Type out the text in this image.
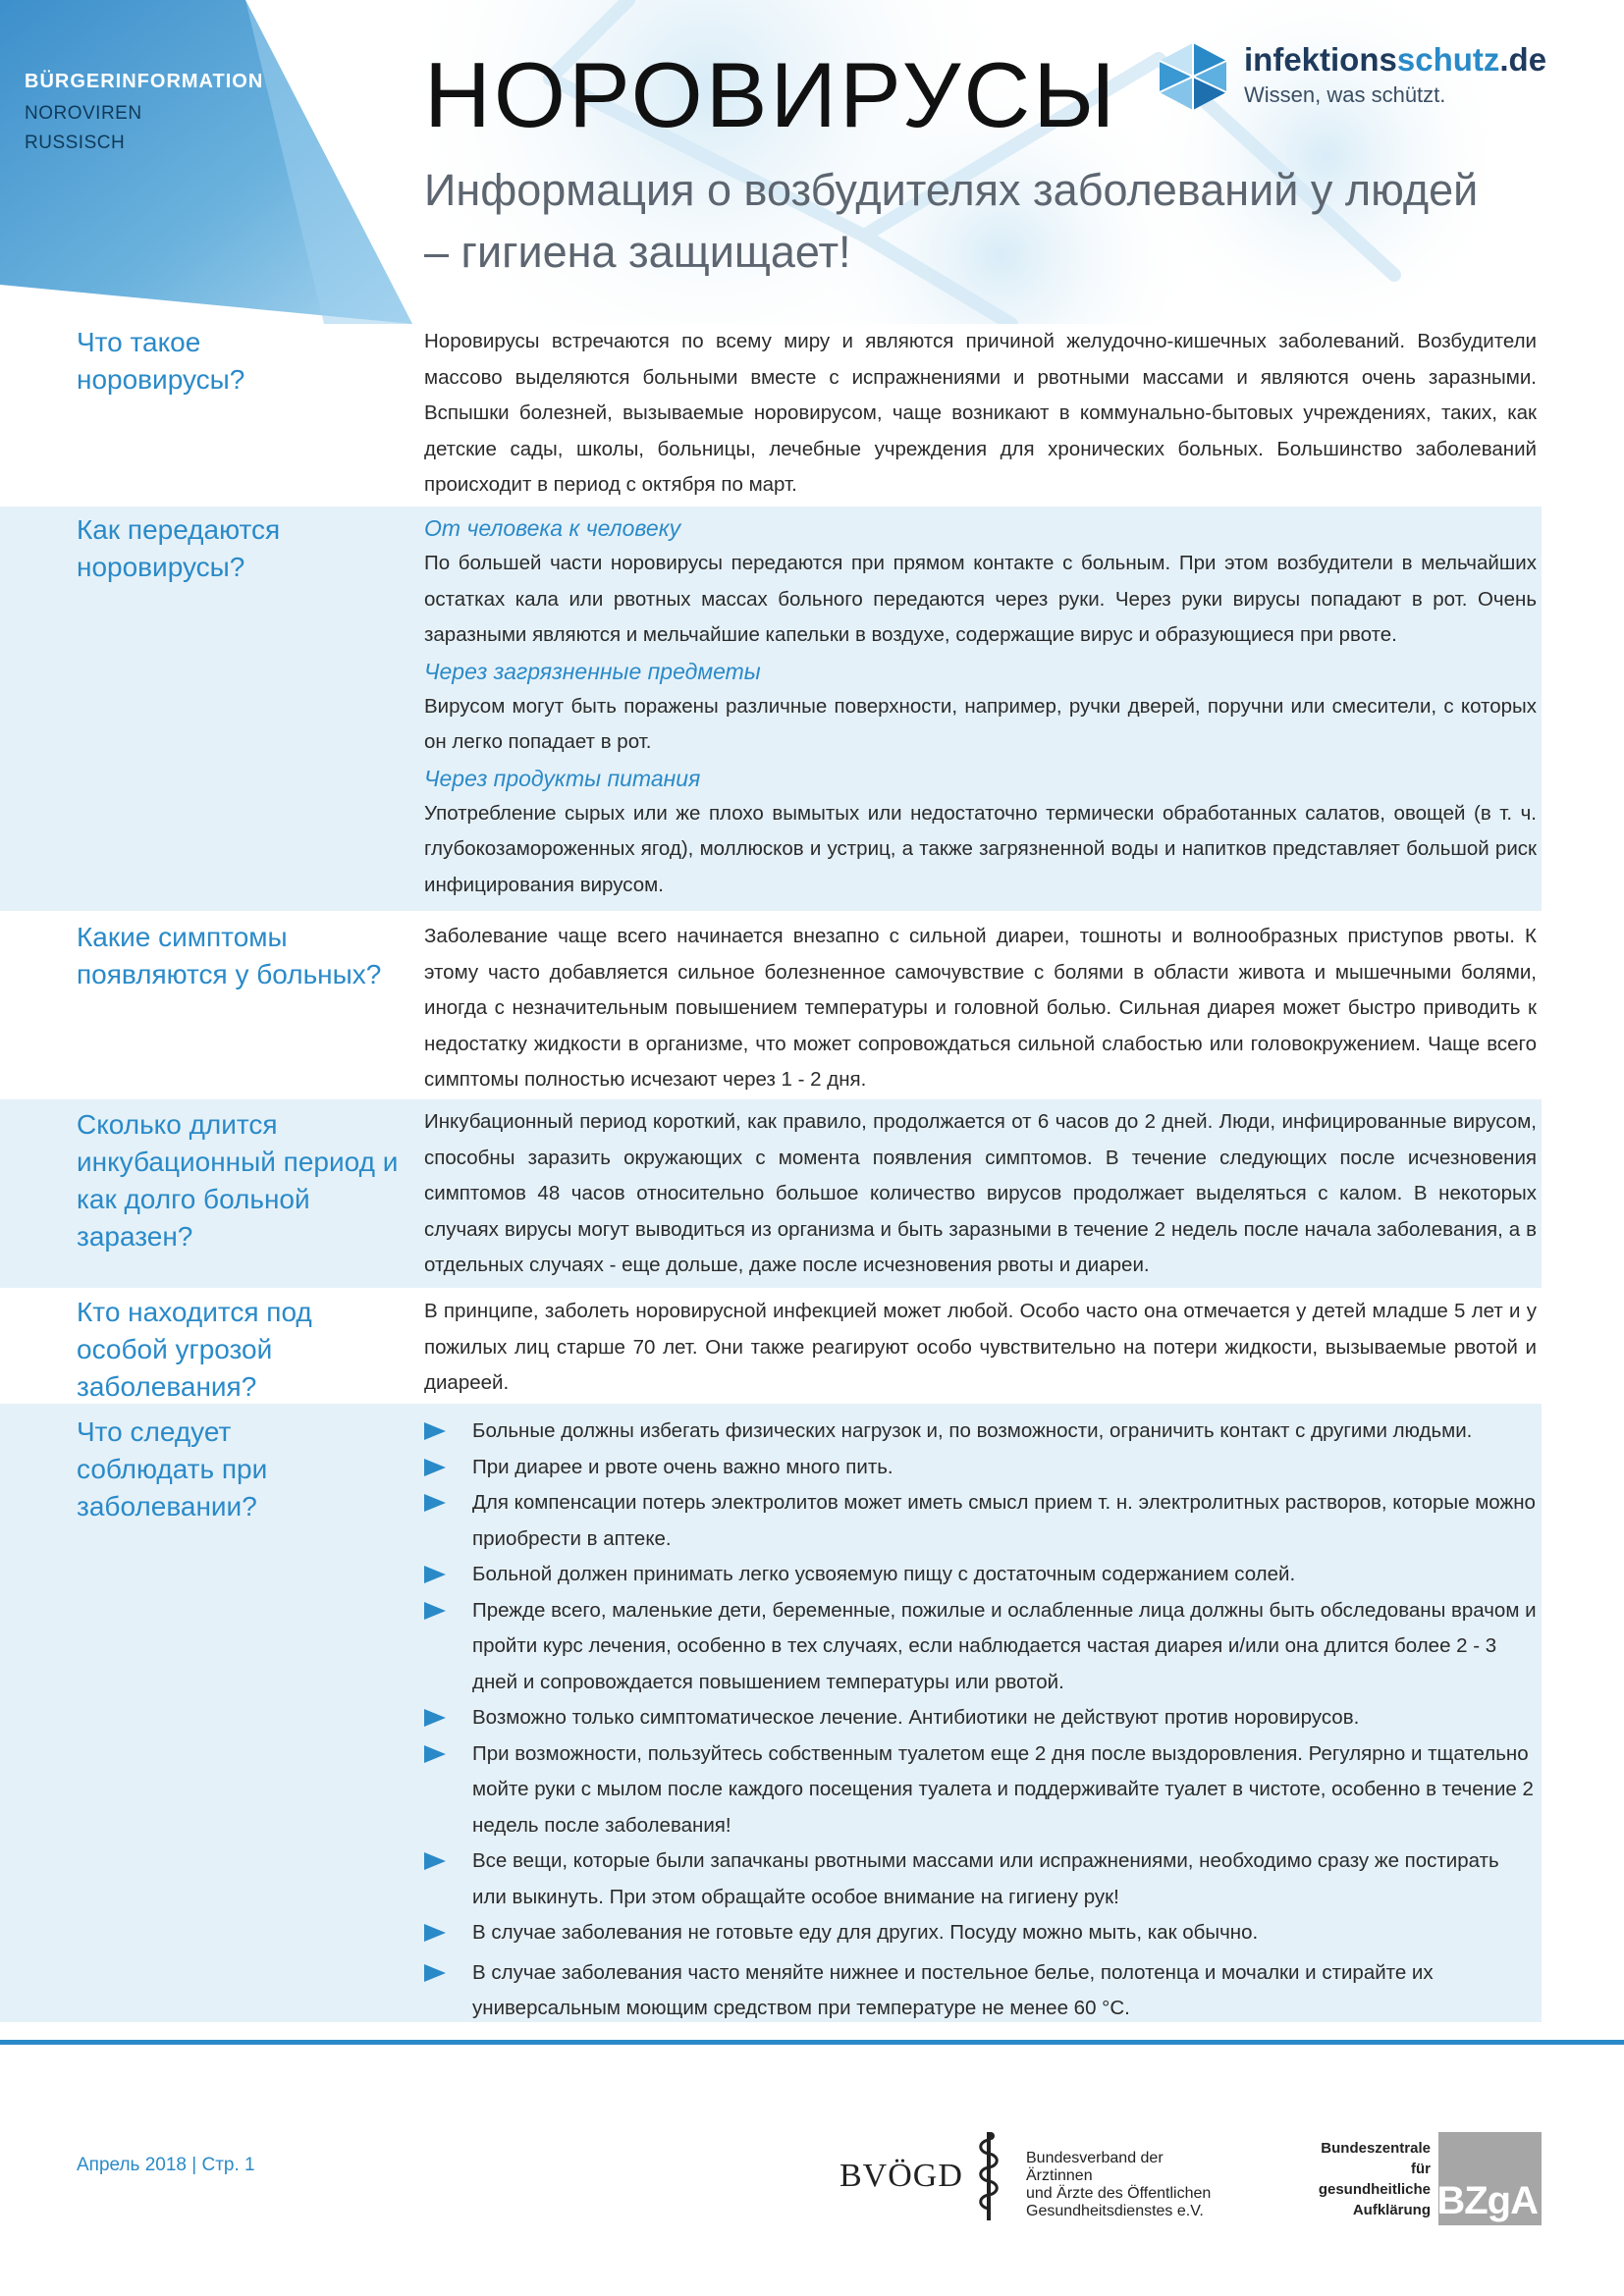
BÜRGERINFORMATION
NOROVIREN
RUSSISCH	НОРОВИРУСЫ
Информация о возбудителях заболеваний у людей
– гигиена защищает!
infektionsschutz.de
Wissen, was schützt.
Что такое норовирусы?

Норовирусы встречаются по всему миру и являются причиной желудочно-кишечных заболеваний. Возбудители массово выделяются больными вместе с испражнениями и рвотными массами и являются очень заразными. Вспышки болезней, вызываемые норовирусом, чаще возникают в коммунально-бытовых учреждениях, таких, как детские сады, школы, больницы, лечебные учреждения для хронических больных. Большинство заболеваний происходит в период с октября по март.

Как передаются норовирусы?
От человека к человеку

По большей части норовирусы передаются при прямом контакте с больным. При этом возбудители в мельчайших остатках кала или рвотных массах больного передаются через руки. Через руки вирусы попадают в рот. Очень заразными являются и мельчайшие капельки в воздухе, содержащие вирус и образующиеся при рвоте.

Через загрязненные предметы

Вирусом могут быть поражены различные поверхности, например, ручки дверей, поручни или смесители, с которых он легко попадает в рот.

Через продукты питания

Употребление сырых или же плохо вымытых или недостаточно термически обработанных салатов, овощей (в т. ч. глубокозамороженных ягод), моллюсков и устриц, а также загрязненной воды и напитков представляет большой риск инфицирования вирусом.

Какие симптомы появляются у больных?

Заболевание чаще всего начинается внезапно с сильной диареи, тошноты и волнообразных приступов рвоты. К этому часто добавляется сильное болезненное самочувствие с болями в области живота и мышечными болями, иногда с незначительным повышением температуры и головной болью. Сильная диарея может быстро приводить к недостатку жидкости в организме, что может сопровождаться сильной слабостью или головокружением. Чаще всего симптомы полностью исчезают через 1 - 2 дня.

Сколько длится инкубационный период и как долго больной заразен?

Инкубационный период короткий, как правило, продолжается от 6 часов до 2 дней. Люди, инфицированные вирусом, способны заразить окружающих с момента появления симптомов. В течение следующих после исчезновения симптомов 48 часов относительно большое количество вирусов продолжает выделяться с калом. В некоторых случаях вирусы могут выводиться из организма и быть заразными в течение 2 недель после начала заболевания, а в отдельных случаях - еще дольше, даже после исчезновения рвоты и диареи.

Кто находится под особой угрозой заболевания?

В принципе, заболеть норовирусной инфекцией может любой. Особо часто она отмечается у детей младше 5 лет и у пожилых лиц старше 70 лет. Они также реагируют особо чувствительно на потери жидкости, вызываемые рвотой и диареей.

Что следует соблюдать при заболевании?
Больные должны избегать физических нагрузок и, по возможности, ограничить контакт с другими людьми.
При диарее и рвоте очень важно много пить.
Для компенсации потерь электролитов может иметь смысл прием т. н. электролитных растворов, которые можно приобрести в аптеке.
Больной должен принимать легко усвояемую пищу с достаточным содержанием солей.
Прежде всего, маленькие дети, беременные, пожилые и ослабленные лица должны быть обследованы врачом и пройти курс лечения, особенно в тех случаях, если наблюдается частая диарея и/или она длится более 2 - 3 дней и сопровождается повышением температуры или рвотой.
Возможно только симптоматическое лечение. Антибиотики не действуют против норовирусов.
При возможности, пользуйтесь собственным туалетом еще 2 дня после выздоровления. Регулярно и тщательно мойте руки с мылом после каждого посещения туалета и поддерживайте туалет в чистоте, особенно в течение 2 недель после заболевания!
Все вещи, которые были запачканы рвотными массами или испражнениями, необходимо сразу же постирать или выкинуть. При этом обращайте особое внимание на гигиену рук!
В случае заболевания не готовьте еду для других. Посуду можно мыть, как обычно.
В случае заболевания часто меняйте нижнее и постельное белье, полотенца и мочалки и стирайте их универсальным моющим средством при температуре не менее 60 °С.
Апрель 2018 | Стр. 1	BVÖGD	Bundesverband der Ärztinnen
und Ärzte des Öffentlichen
Gesundheitsdienstes e.V.
Bundeszentrale
für
gesundheitliche
Aufklärung BZgA
